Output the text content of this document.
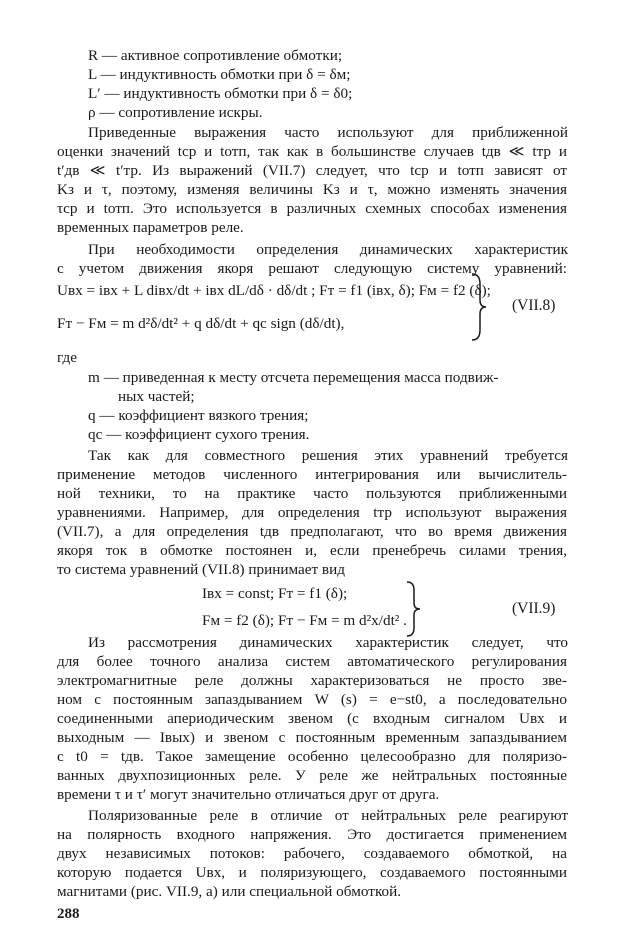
R — активное сопротивление обмотки;
L — индуктивность обмотки при δ = δм;
L′ — индуктивность обмотки при δ = δ0;
ρ — сопротивление искры.
Приведенные выражения часто используют для приближенной
оценки значений tср и tотп, так как в большинстве случаев tдв ≪ tтр и
t′дв ≪ t′тр. Из выражений (VII.7) следует, что tср и tотп зависят от
Kз и τ, поэтому, изменяя величины Kз и τ, можно изменять значения
τср и tотп. Это используется в различных схемных способах изменения
временных параметров реле.
При необходимости определения динамических характеристик
с учетом движения якоря решают следующую систему уравнений:
Uвх = iвх + L diвх/dt + iвх dL/dδ · dδ/dt ; Fт = f1 (iвх, δ); Fм = f2 (δ);
Fт − Fм = m d²δ/dt² + q dδ/dt + qc sign (dδ/dt),
(VII.8)
где
m — приведенная к месту отсчета перемещения масса подвиж-
ных частей;
q — коэффициент вязкого трения;
qc — коэффициент сухого трения.
Так как для совместного решения этих уравнений требуется
применение методов численного интегрирования или вычислитель-
ной техники, то на практике часто пользуются приближенными
уравнениями. Например, для определения tтр используют выражения
(VII.7), а для определения tдв предполагают, что во время движения
якоря ток в обмотке постоянен и, если пренебречь силами трения,
то система уравнений (VII.8) принимает вид
Iвх = const; Fт = f1 (δ);
Fм = f2 (δ); Fт − Fм = m d²x/dt² .
(VII.9)
Из рассмотрения динамических характеристик следует, что
для более точного анализа систем автоматического регулирования
электромагнитные реле должны характеризоваться не просто зве-
ном с постоянным запаздыванием W (s) = e−st0, а последовательно
соединенными апериодическим звеном (с входным сигналом Uвх и
выходным — Iвых) и звеном с постоянным временным запаздыванием
с t0 = tдв. Такое замещение особенно целесообразно для поляризо-
ванных двухпозиционных реле. У реле же нейтральных постоянные
времени τ и τ′ могут значительно отличаться друг от друга.
Поляризованные реле в отличие от нейтральных реле реагируют
на полярность входного напряжения. Это достигается применением
двух независимых потоков: рабочего, создаваемого обмоткой, на
которую подается Uвх, и поляризующего, создаваемого постоянными
магнитами (рис. VII.9, а) или специальной обмоткой.
288
